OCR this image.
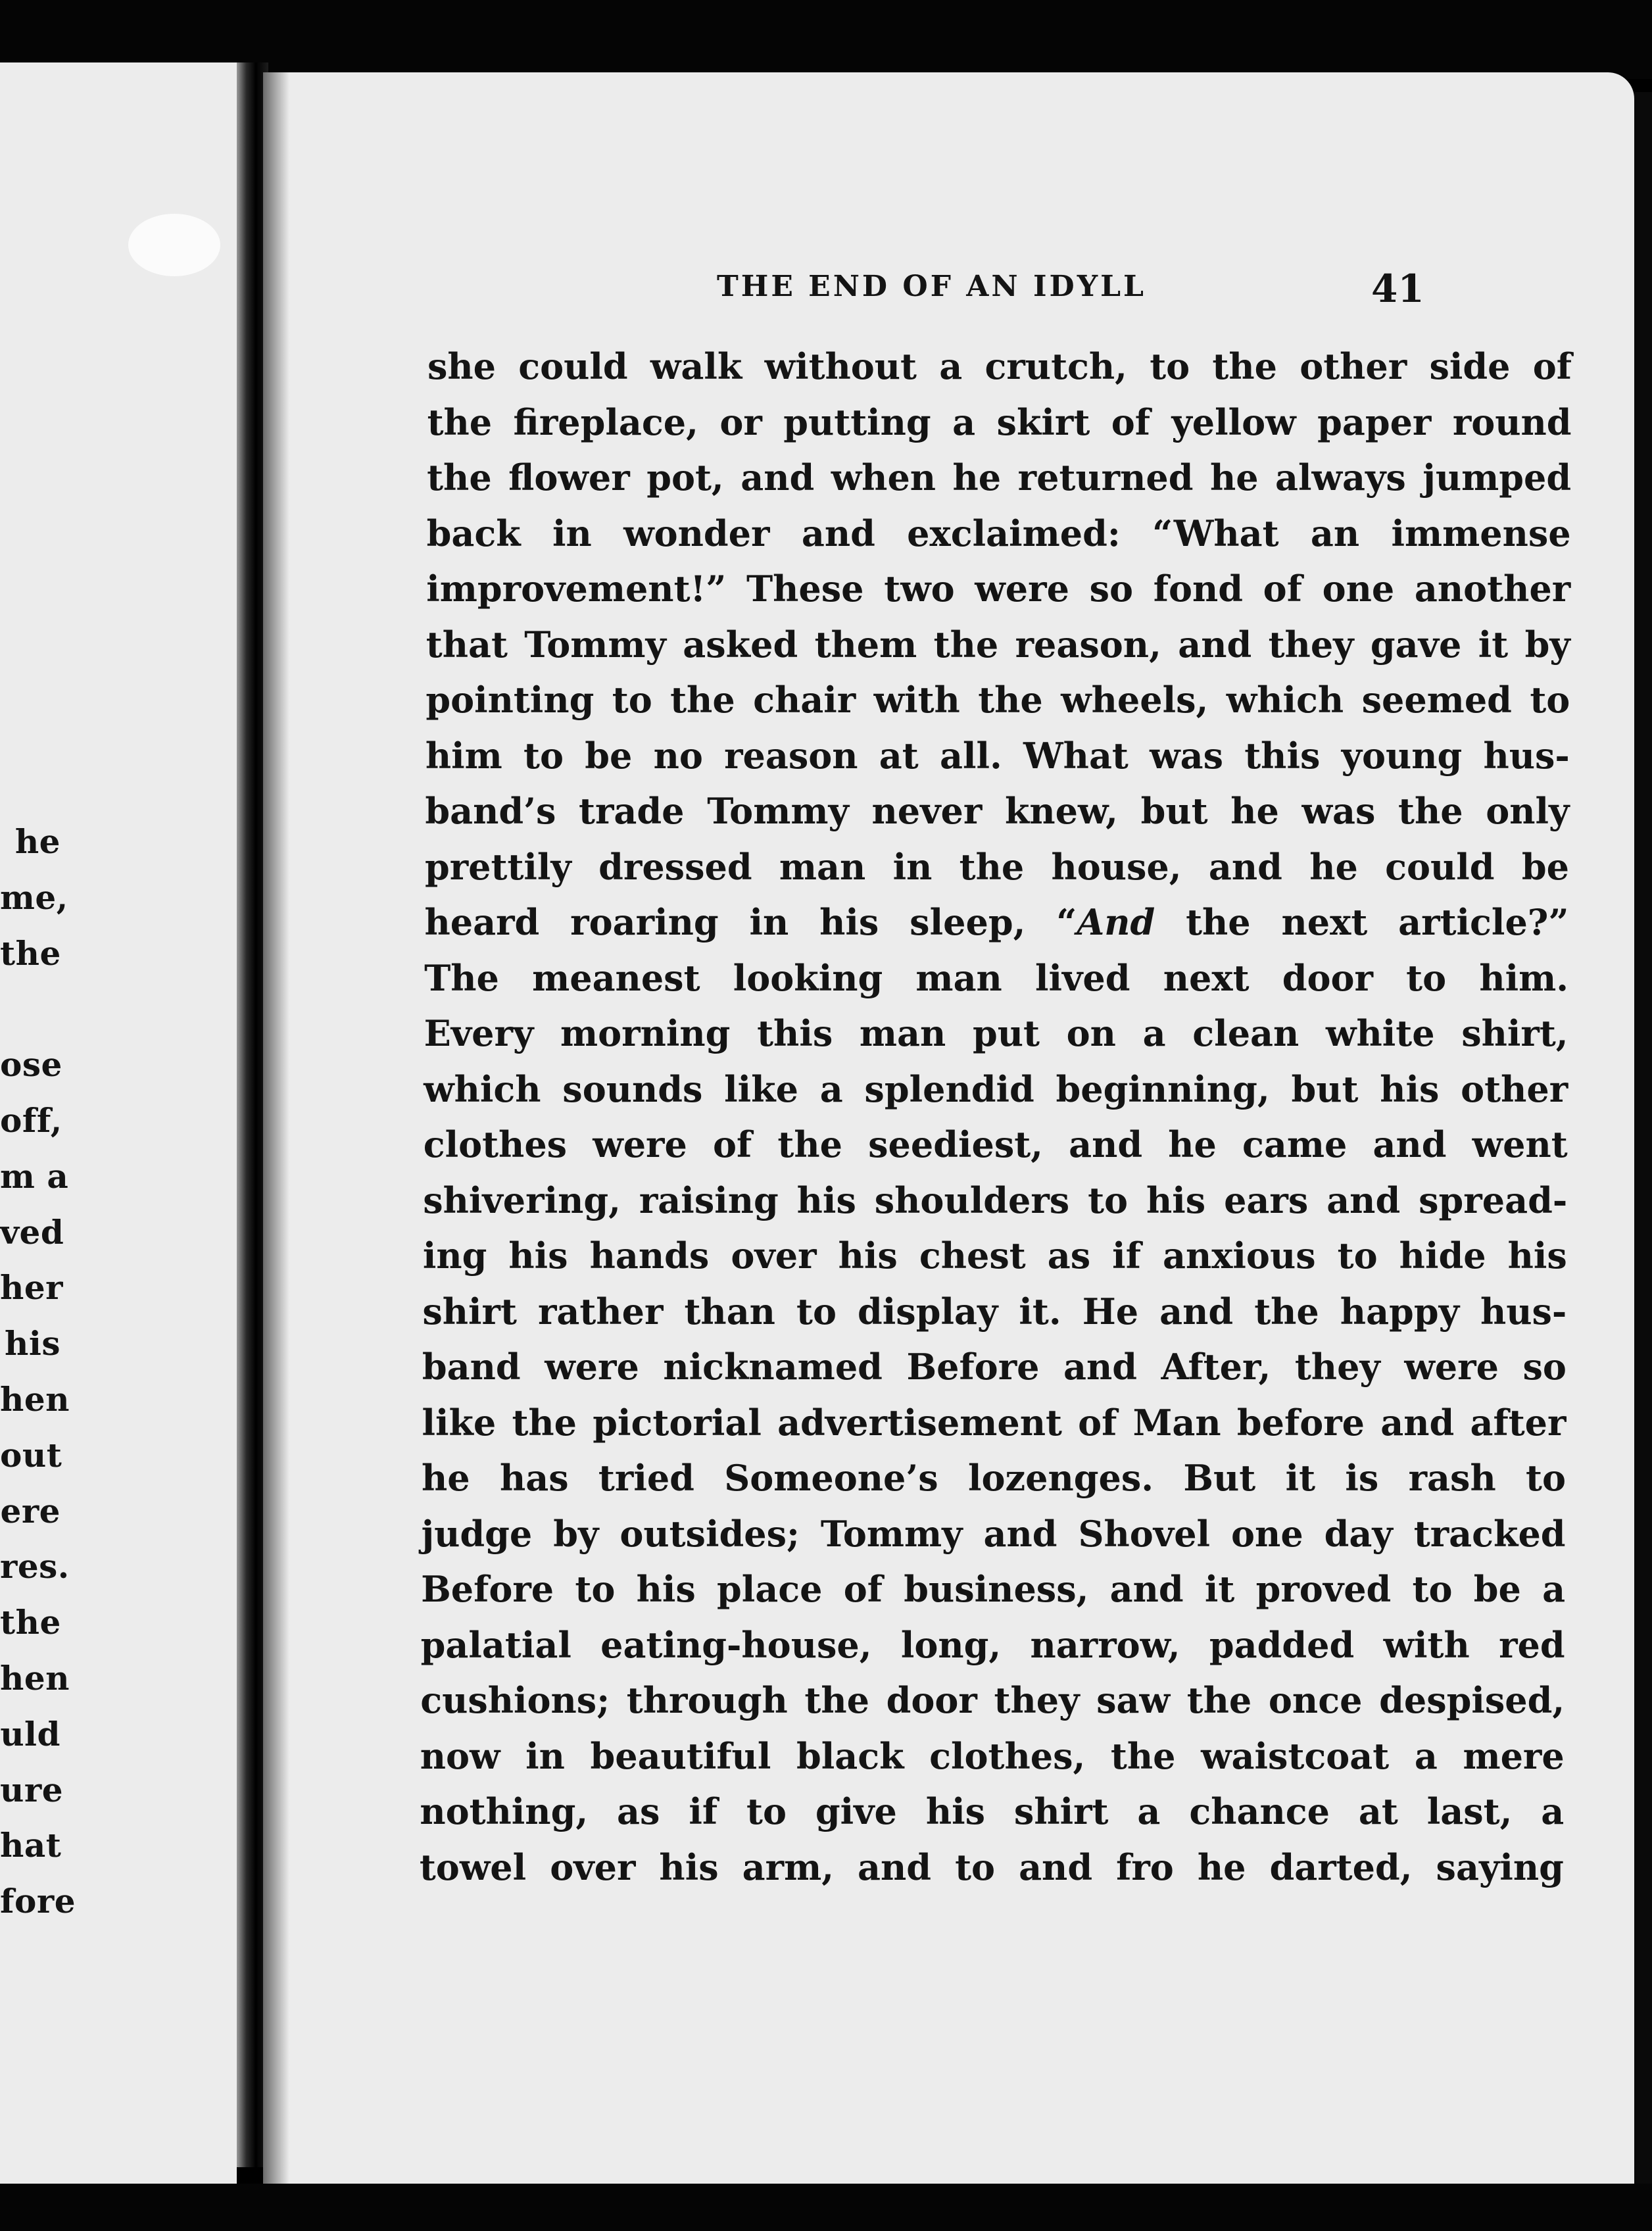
he
me,
the
ose
off,
m a
ved
her
his
hen
out
ere
res.
the
hen
uld
ure
hat
fore
THE END OF AN IDYLL	41
she could walk without a crutch, to the other side of
the fireplace, or putting a skirt of yellow paper round
the flower pot, and when he returned he always jumped
back in wonder and exclaimed: “What an immense
improvement!” These two were so fond of one another
that Tommy asked them the reason, and they gave it by
pointing to the chair with the wheels, which seemed to
him to be no reason at all. What was this young hus-
band’s trade Tommy never knew, but he was the only
prettily dressed man in the house, and he could be
heard roaring in his sleep, “And the next article?”
The meanest looking man lived next door to him.
Every morning this man put on a clean white shirt,
which sounds like a splendid beginning, but his other
clothes were of the seediest, and he came and went
shivering, raising his shoulders to his ears and spread-
ing his hands over his chest as if anxious to hide his
shirt rather than to display it. He and the happy hus-
band were nicknamed Before and After, they were so
like the pictorial advertisement of Man before and after
he has tried Someone’s lozenges. But it is rash to
judge by outsides; Tommy and Shovel one day tracked
Before to his place of business, and it proved to be a
palatial eating-house, long, narrow, padded with red
cushions; through the door they saw the once despised,
now in beautiful black clothes, the waistcoat a mere
nothing, as if to give his shirt a chance at last, a
towel over his arm, and to and fro he darted, saying
